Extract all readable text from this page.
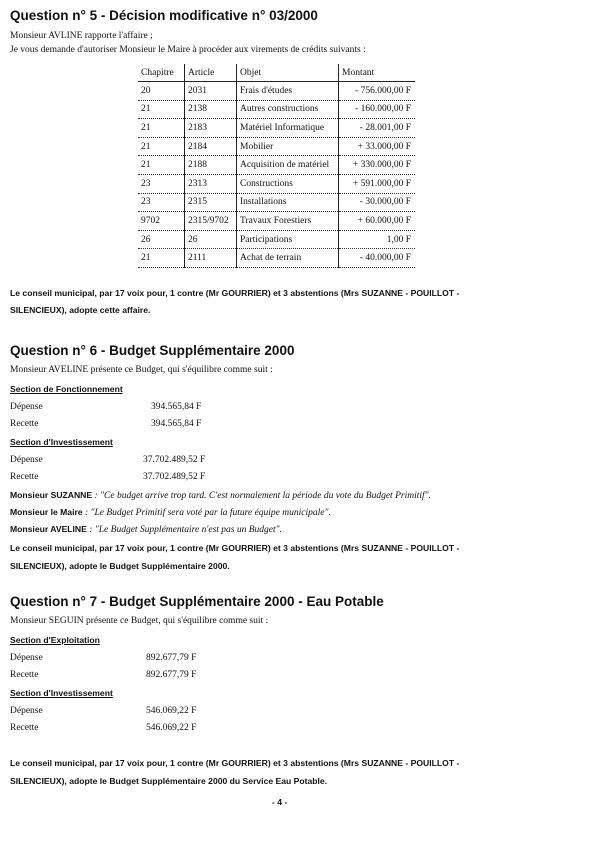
Question n° 5 - Décision modificative n° 03/2000
Monsieur AVLINE rapporte l'affaire ;
Je vous demande d'autoriser Monsieur le Maire à procéder aux virements de crédits suivants :
Chapitre	Article	Objet	Montant
20	2031	Frais d'études	- 756.000,00 F
21	2138	Autres constructions	- 160.000,00 F
21	2183	Matériel Informatique	- 28.001,00 F
21	2184	Mobilier	+ 33.000,00 F
21	2188	Acquisition de matériel	+ 330.000,00 F
23	2313	Constructions	+ 591.000,00 F
23	2315	Installations	- 30.000,00 F
9702	2315/9702	Travaux Forestiers	+ 60.000,00 F
26	26	Participations	1,00 F
21	2111	Achat de terrain	- 40.000,00 F
Le conseil municipal, par 17 voix pour, 1 contre (Mr GOURRIER) et 3 abstentions (Mrs SUZANNE - POUILLOT -
SILENCIEUX), adopte cette affaire.
Question n° 6 - Budget Supplémentaire 2000
Monsieur AVELINE présente ce Budget, qui s'équilibre comme suit :
Section de Fonctionnement
Dépense	394.565,84 F
Recette	394.565,84 F
Section d'Investissement
Dépense	37.702.489,52 F
Recette	37.702.489,52 F
Monsieur SUZANNE : "Ce budget arrive trop tard. C'est normalement la période du vote du Budget Primitif".
Monsieur le Maire : "Le Budget Primitif sera voté par la future équipe municipale".
Monsieur AVELINE : "Le Budget Supplémentaire n'est pas un Budget".
Le conseil municipal, par 17 voix pour, 1 contre (Mr GOURRIER) et 3 abstentions (Mrs SUZANNE - POUILLOT -
SILENCIEUX), adopte le Budget Supplémentaire 2000.
Question n° 7 - Budget Supplémentaire 2000 - Eau Potable
Monsieur SEGUIN présente ce Budget, qui s'équilibre comme suit :
Section d'Exploitation
Dépense	892.677,79 F
Recette	892.677,79 F
Section d'Investissement
Dépense	546.069,22 F
Recette	546.069,22 F
Le conseil municipal, par 17 voix pour, 1 contre (Mr GOURRIER) et 3 abstentions (Mrs SUZANNE - POUILLOT -
SILENCIEUX), adopte le Budget Supplémentaire 2000 du Service Eau Potable.
- 4 -
